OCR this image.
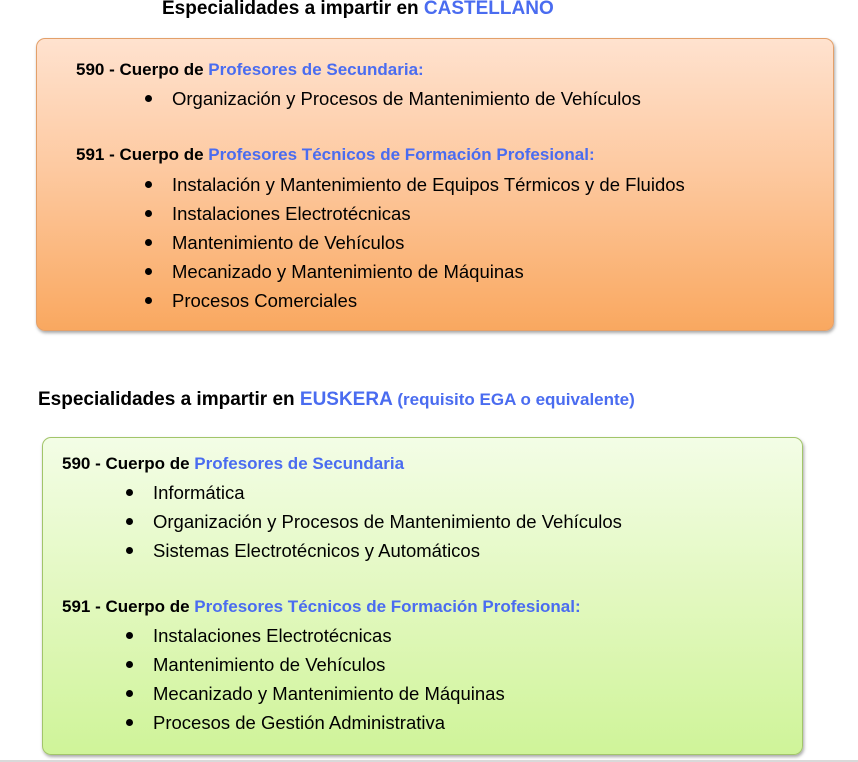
Especialidades a impartir en CASTELLANO
590 - Cuerpo de Profesores de Secundaria:
Organización y Procesos de Mantenimiento de Vehículos
591 - Cuerpo de Profesores Técnicos de Formación Profesional:
Instalación y Mantenimiento de Equipos Térmicos y de Fluidos
Instalaciones Electrotécnicas
Mantenimiento de Vehículos
Mecanizado y Mantenimiento de Máquinas
Procesos Comerciales
Especialidades a impartir en EUSKERA (requisito EGA o equivalente)
590 - Cuerpo de Profesores de Secundaria
Informática
Organización y Procesos de Mantenimiento de Vehículos
Sistemas Electrotécnicos y Automáticos
591 - Cuerpo de Profesores Técnicos de Formación Profesional:
Instalaciones Electrotécnicas
Mantenimiento de Vehículos
Mecanizado y Mantenimiento de Máquinas
Procesos de Gestión Administrativa
